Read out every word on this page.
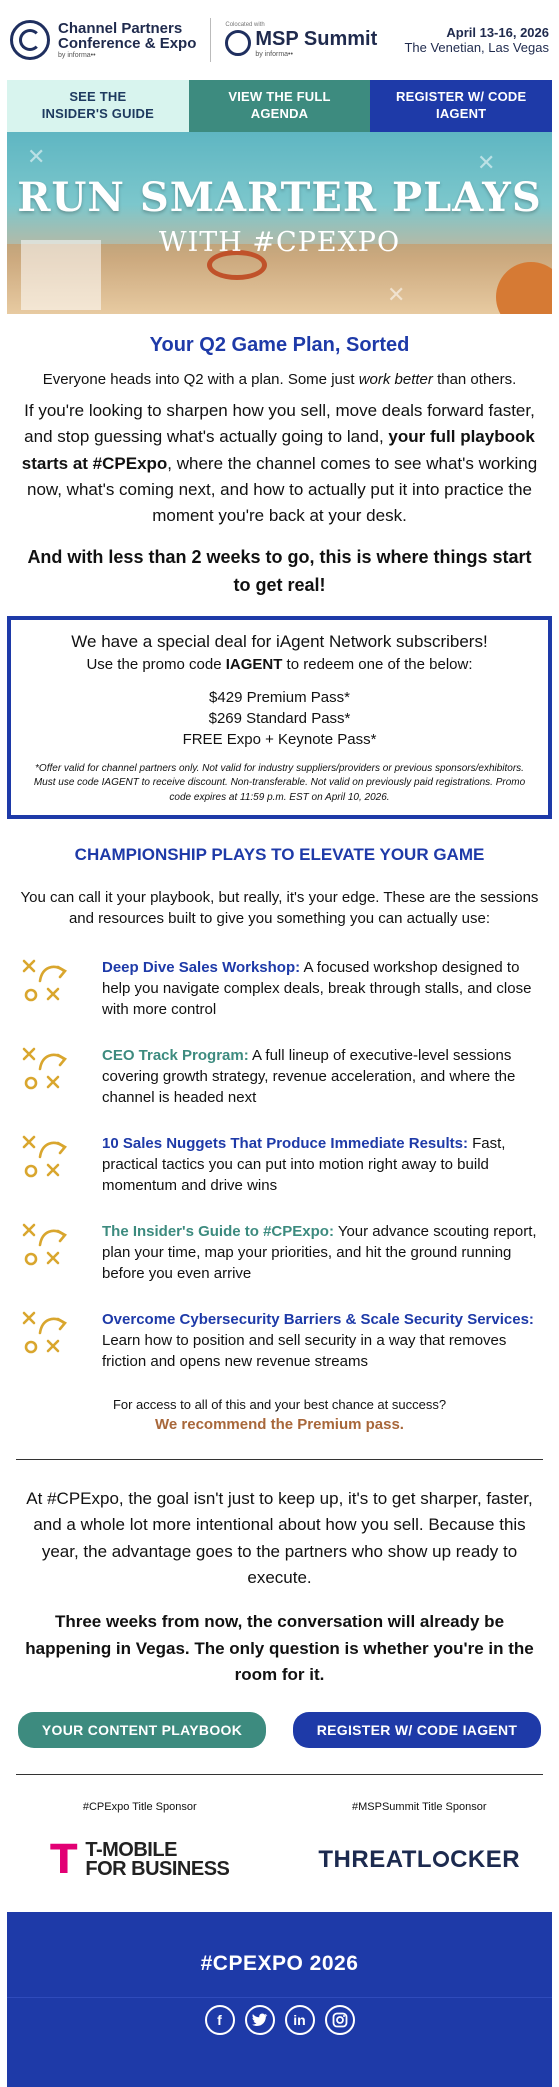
Channel Partners
Conference & Expo
by informa••
Colocated with
MSP Summit
by informa••
April 13-16, 2026
The Venetian, Las Vegas
SEE THE
INSIDER'S GUIDE
VIEW THE FULL
AGENDA
REGISTER W/ CODE
IAGENT
✕	✕
✕
RUN SMARTER PLAYS
WITH #CPEXPO
Your Q2 Game Plan, Sorted
Everyone heads into Q2 with a plan. Some just work better than others.
If you're looking to sharpen how you sell, move deals forward faster, and stop guessing what's actually going to land, your full playbook starts at #CPExpo, where the channel comes to see what's working now, what's coming next, and how to actually put it into practice the moment you're back at your desk.
And with less than 2 weeks to go, this is where things start to get real!
We have a special deal for iAgent Network subscribers!
Use the promo code IAGENT to redeem one of the below:
$429 Premium Pass*
$269 Standard Pass*
FREE Expo + Keynote Pass*
*Offer valid for channel partners only. Not valid for industry suppliers/providers or previous sponsors/exhibitors. Must use code IAGENT to receive discount. Non-transferable. Not valid on previously paid registrations. Promo code expires at 11:59 p.m. EST on April 10, 2026.
CHAMPIONSHIP PLAYS TO ELEVATE YOUR GAME
You can call it your playbook, but really, it's your edge. These are the sessions and resources built to give you something you can actually use:
Deep Dive Sales Workshop: A focused workshop designed to help you navigate complex deals, break through stalls, and close with more control
CEO Track Program: A full lineup of executive-level sessions covering growth strategy, revenue acceleration, and where the channel is headed next
10 Sales Nuggets That Produce Immediate Results: Fast, practical tactics you can put into motion right away to build momentum and drive wins
The Insider's Guide to #CPExpo: Your advance scouting report, plan your time, map your priorities, and hit the ground running before you even arrive
Overcome Cybersecurity Barriers & Scale Security Services: Learn how to position and sell security in a way that removes friction and opens new revenue streams
For access to all of this and your best chance at success?
We recommend the Premium pass.
At #CPExpo, the goal isn't just to keep up, it's to get sharper, faster, and a whole lot more intentional about how you sell. Because this year, the advantage goes to the partners who show up ready to execute.
Three weeks from now, the conversation will already be happening in Vegas. The only question is whether you're in the room for it.
YOUR CONTENT PLAYBOOK	REGISTER W/ CODE IAGENT
#CPExpo Title Sponsor
T T-MOBILE
FOR BUSINESS
#MSPSummit Title Sponsor
THREATL CKER
#CPEXPO 2026
f	in
